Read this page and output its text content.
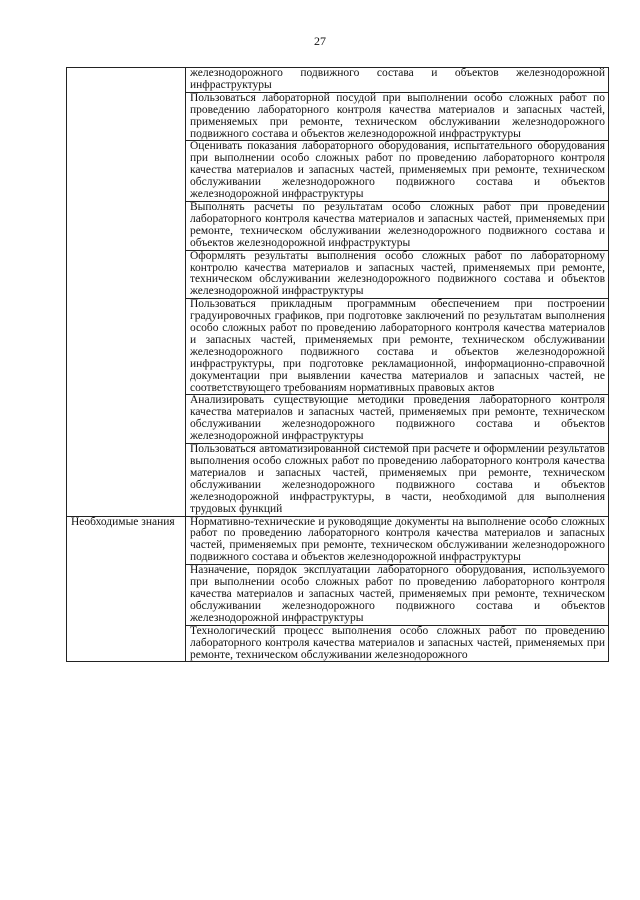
27
	железнодорожного подвижного состава и объектов железнодорожной инфраструктуры
	Пользоваться лабораторной посудой при выполнении особо сложных работ по проведению лабораторного контроля качества материалов и запасных частей, применяемых при ремонте, техническом обслуживании железнодорожного подвижного состава и объектов железнодорожной инфраструктуры
	Оценивать показания лабораторного оборудования, испытательного оборудования при выполнении особо сложных работ по проведению лабораторного контроля качества материалов и запасных частей, применяемых при ремонте, техническом обслуживании железнодорожного подвижного состава и объектов железнодорожной инфраструктуры
	Выполнять расчеты по результатам особо сложных работ при проведении лабораторного контроля качества материалов и запасных частей, применяемых при ремонте, техническом обслуживании железнодорожного подвижного состава и объектов железнодорожной инфраструктуры
	Оформлять результаты выполнения особо сложных работ по лабораторному контролю качества материалов и запасных частей, применяемых при ремонте, техническом обслуживании железнодорожного подвижного состава и объектов железнодорожной инфраструктуры
	Пользоваться прикладным программным обеспечением при построении градуировочных графиков, при подготовке заключений по результатам выполнения особо сложных работ по проведению лабораторного контроля качества материалов и запасных частей, применяемых при ремонте, техническом обслуживании железнодорожного подвижного состава и объектов железнодорожной инфраструктуры, при подготовке рекламационной, информационно-справочной документации при выявлении качества материалов и запасных частей, не соответствующего требованиям нормативных правовых актов
	Анализировать существующие методики проведения лабораторного контроля качества материалов и запасных частей, применяемых при ремонте, техническом обслуживании железнодорожного подвижного состава и объектов железнодорожной инфраструктуры
	Пользоваться автоматизированной системой при расчете и оформлении результатов выполнения особо сложных работ по проведению лабораторного контроля качества материалов и запасных частей, применяемых при ремонте, техническом обслуживании железнодорожного подвижного состава и объектов железнодорожной инфраструктуры, в части, необходимой для выполнения трудовых функций
Необходимые знания	Нормативно-технические и руководящие документы на выполнение особо сложных работ по проведению лабораторного контроля качества материалов и запасных частей, применяемых при ремонте, техническом обслуживании железнодорожного подвижного состава и объектов железнодорожной инфраструктуры
	Назначение, порядок эксплуатации лабораторного оборудования, используемого при выполнении особо сложных работ по проведению лабораторного контроля качества материалов и запасных частей, применяемых при ремонте, техническом обслуживании железнодорожного подвижного состава и объектов железнодорожной инфраструктуры
	Технологический процесс выполнения особо сложных работ по проведению лабораторного контроля качества материалов и запасных частей, применяемых при ремонте, техническом обслуживании железнодорожного
